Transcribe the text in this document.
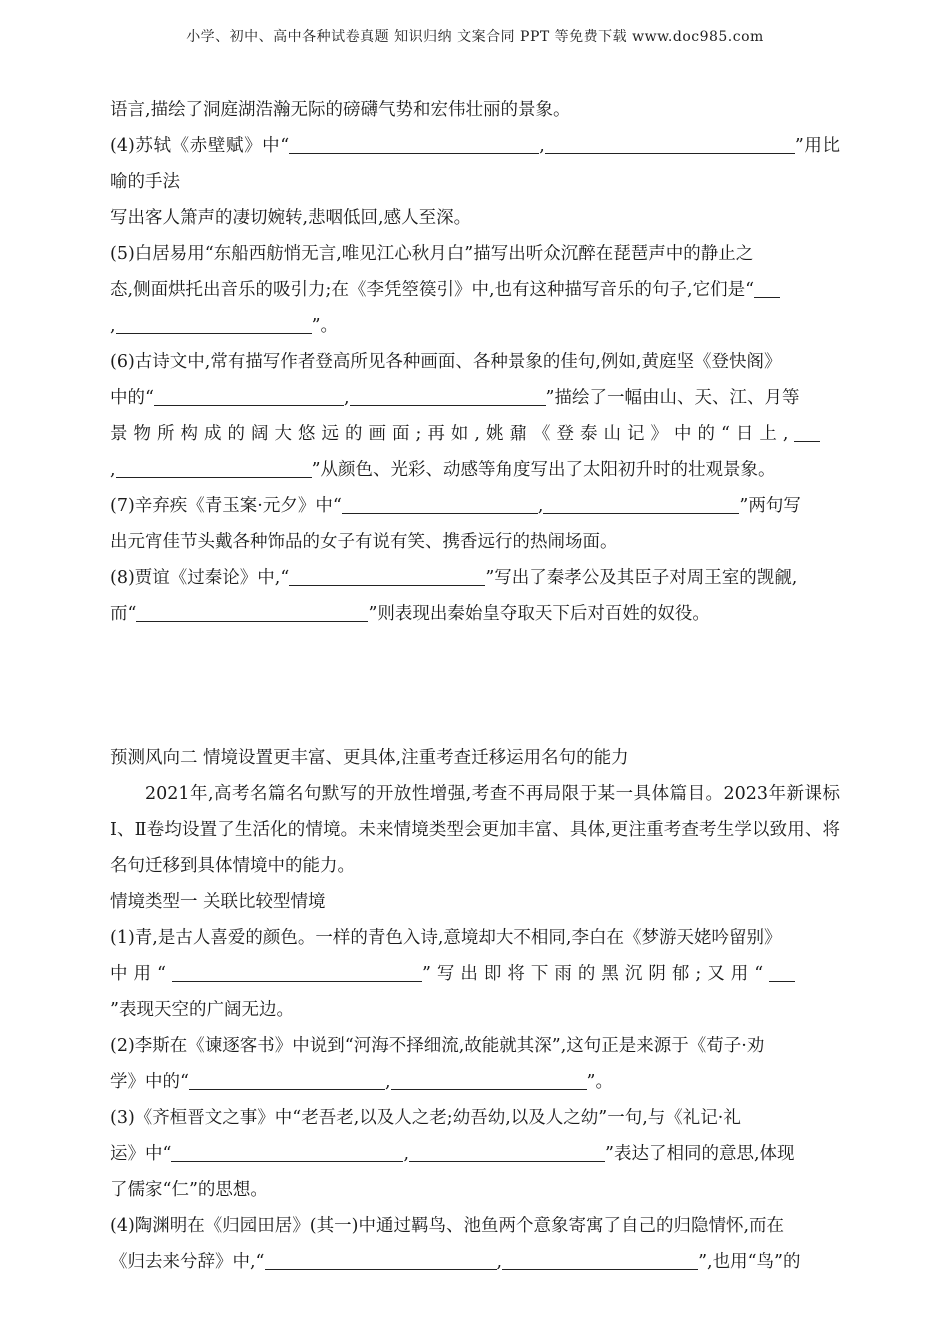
小学、初中、高中各种试卷真题 知识归纳 文案合同 PPT 等免费下载 www.doc985.com

语言,描绘了洞庭湖浩瀚无际的磅礴气势和宏伟壮丽的景象。

(4)苏轼《赤壁赋》中“	,	”用比喻的手法

写出客人箫声的凄切婉转,悲咽低回,感人至深。

(5)白居易用“东船西舫悄无言,唯见江心秋月白”描写出听众沉醉在琵琶声中的静止之

态,侧面烘托出音乐的吸引力;在《李凭箜篌引》中,也有这种描写音乐的句子,它们是“

,	”。

(6)古诗文中,常有描写作者登高所见各种画面、各种景象的佳句,例如,黄庭坚《登快阁》

中的“	,	”描绘了一幅由山、天、江、月等

景物所构成的阔大悠远的画面;再如,姚鼐《登泰山记》中的“日上,

,	”从颜色、光彩、动感等角度写出了太阳初升时的壮观景象。

(7)辛弃疾《青玉案·元夕》中“	,	”两句写

出元宵佳节头戴各种饰品的女子有说有笑、携香远行的热闹场面。

(8)贾谊《过秦论》中,“	”写出了秦孝公及其臣子对周王室的觊觎,

而“	”则表现出秦始皇夺取天下后对百姓的奴役。

预测风向二 情境设置更丰富、更具体,注重考查迁移运用名句的能力

2021年,高考名篇名句默写的开放性增强,考查不再局限于某一具体篇目。2023年新课标Ⅰ、Ⅱ卷均设置了生活化的情境。未来情境类型会更加丰富、具体,更注重考查考生学以致用、将名句迁移到具体情境中的能力。

情境类型一 关联比较型情境

(1)青,是古人喜爱的颜色。一样的青色入诗,意境却大不相同,李白在《梦游天姥吟留别》

中用“	”写出即将下雨的黑沉阴郁;又用“

”表现天空的广阔无边。

(2)李斯在《谏逐客书》中说到“河海不择细流,故能就其深”,这句正是来源于《荀子·劝

学》中的“	,	”。

(3)《齐桓晋文之事》中“老吾老,以及人之老;幼吾幼,以及人之幼”一句,与《礼记·礼

运》中“	,	”表达了相同的意思,体现

了儒家“仁”的思想。

(4)陶渊明在《归园田居》(其一)中通过羁鸟、池鱼两个意象寄寓了自己的归隐情怀,而在

《归去来兮辞》中,“	,	”,也用“鸟”的
